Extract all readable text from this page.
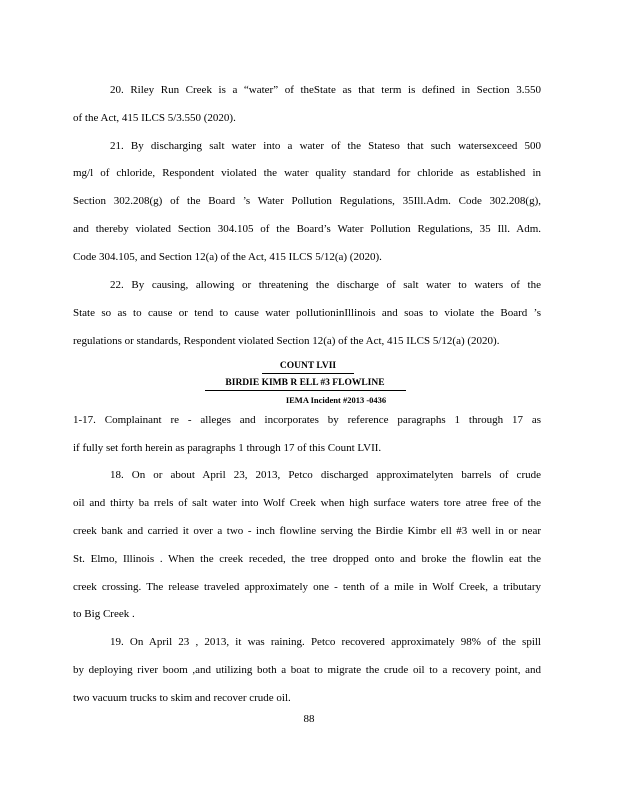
20. Riley Run Creek is a “water” of theState as that term is defined in Section 3.550
of the Act, 415 ILCS 5/3.550 (2020).
21. By discharging salt water into a water of the Stateso that such watersexceed 500
mg/l of chloride, Respondent violated the water quality standard for chloride as established in
Section 302.208(g) of the Board ’s Water Pollution Regulations, 35Ill.Adm. Code 302.208(g),
and thereby violated Section 304.105 of the Board’s Water Pollution Regulations, 35 Ill. Adm.
Code 304.105, and Section 12(a) of the Act, 415 ILCS 5/12(a) (2020).
22. By causing, allowing or threatening the discharge of salt water to waters of the
State so as to cause or tend to cause water pollutioninIllinois and soas to violate the Board ’s
regulations or standards, Respondent violated Section 12(a) of the Act, 415 ILCS 5/12(a) (2020).
COUNT LVII
BIRDIE KIMB R ELL #3 FLOWLINE
IEMA Incident #2013 -0436
1-17. Complainant re - alleges and incorporates by reference paragraphs 1 through 17 as
if fully set forth herein as paragraphs 1 through 17 of this Count LVII.
18. On or about April 23, 2013, Petco discharged approximatelyten barrels of crude
oil and thirty ba rrels of salt water into Wolf Creek when high surface waters tore atree free of the
creek bank and carried it over a two - inch flowline serving the Birdie Kimbr ell #3 well in or near
St. Elmo, Illinois . When the creek receded, the tree dropped onto and broke the flowlin eat the
creek crossing. The release traveled approximately one - tenth of a mile in Wolf Creek, a tributary
to Big Creek .
19. On April 23 , 2013, it was raining. Petco recovered approximately 98% of the spill
by deploying river boom ,and utilizing both a boat to migrate the crude oil to a recovery point, and
two vacuum trucks to skim and recover crude oil.
88
